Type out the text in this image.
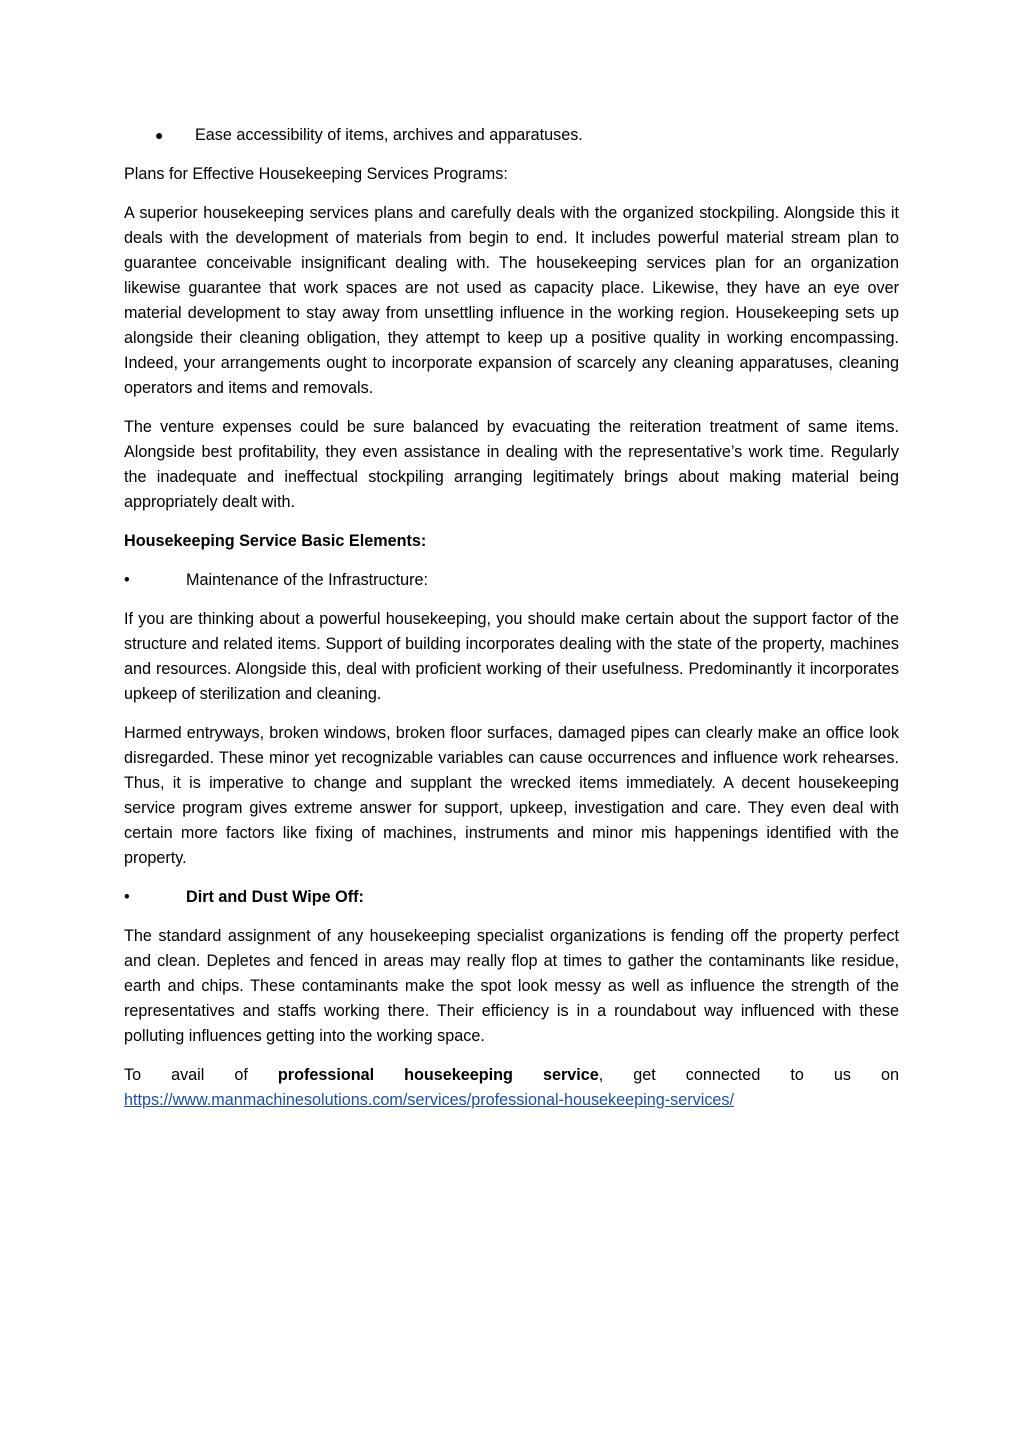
●	Ease accessibility of items, archives and apparatuses.

Plans for Effective Housekeeping Services Programs:

A superior housekeeping services plans and carefully deals with the organized stockpiling. Alongside this it deals with the development of materials from begin to end. It includes powerful material stream plan to guarantee conceivable insignificant dealing with. The housekeeping services plan for an organization likewise guarantee that work spaces are not used as capacity place. Likewise, they have an eye over material development to stay away from unsettling influence in the working region. Housekeeping sets up alongside their cleaning obligation, they attempt to keep up a positive quality in working encompassing. Indeed, your arrangements ought to incorporate expansion of scarcely any cleaning apparatuses, cleaning operators and items and removals.

The venture expenses could be sure balanced by evacuating the reiteration treatment of same items. Alongside best profitability, they even assistance in dealing with the representative’s work time. Regularly the inadequate and ineffectual stockpiling arranging legitimately brings about making material being appropriately dealt with.

Housekeeping Service Basic Elements:

•	Maintenance of the Infrastructure:

If you are thinking about a powerful housekeeping, you should make certain about the support factor of the structure and related items. Support of building incorporates dealing with the state of the property, machines and resources. Alongside this, deal with proficient working of their usefulness. Predominantly it incorporates upkeep of sterilization and cleaning.

Harmed entryways, broken windows, broken floor surfaces, damaged pipes can clearly make an office look disregarded. These minor yet recognizable variables can cause occurrences and influence work rehearses. Thus, it is imperative to change and supplant the wrecked items immediately. A decent housekeeping service program gives extreme answer for support, upkeep, investigation and care. They even deal with certain more factors like fixing of machines, instruments and minor mis happenings identified with the property.

•	Dirt and Dust Wipe Off:

The standard assignment of any housekeeping specialist organizations is fending off the property perfect and clean. Depletes and fenced in areas may really flop at times to gather the contaminants like residue, earth and chips. These contaminants make the spot look messy as well as influence the strength of the representatives and staffs working there. Their efficiency is in a roundabout way influenced with these polluting influences getting into the working space.

To avail of professional housekeeping service, get connected to us on

https://www.manmachinesolutions.com/services/professional-housekeeping-services/
